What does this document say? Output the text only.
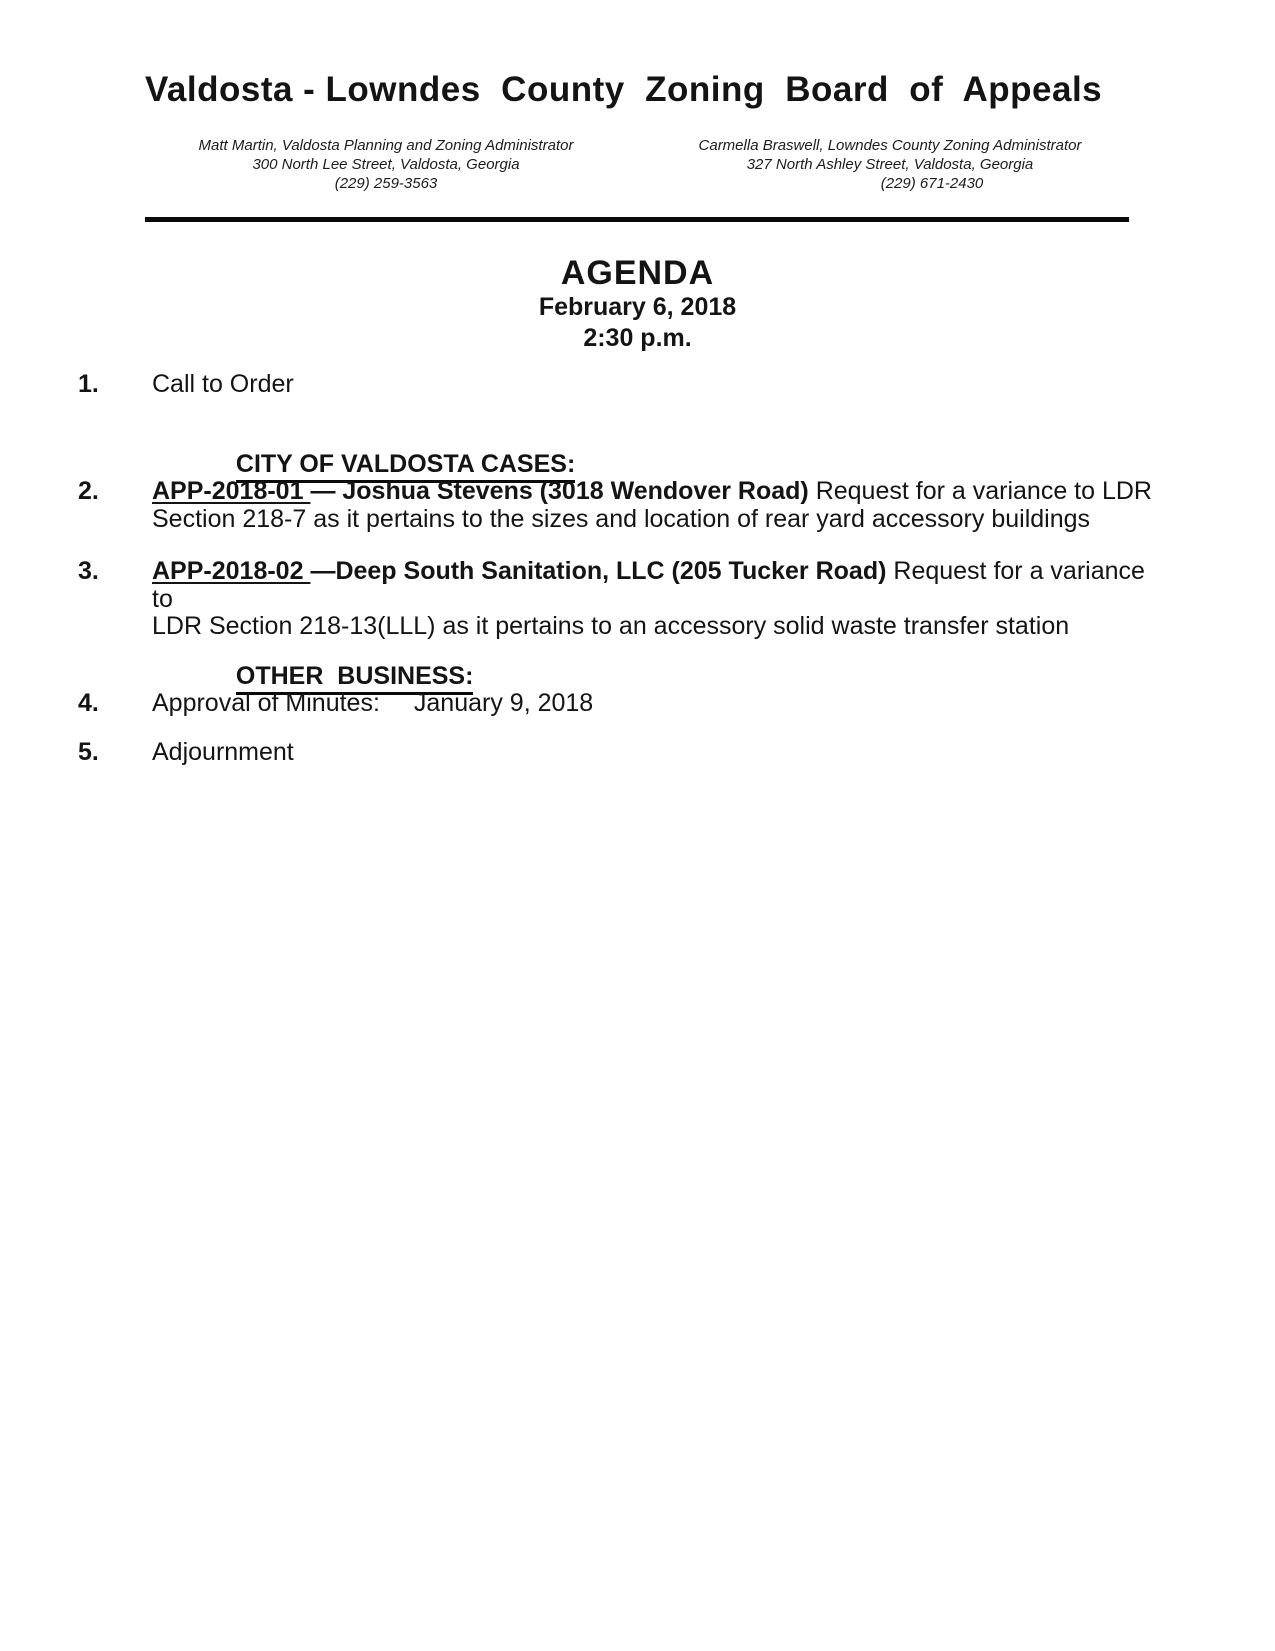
Valdosta - Lowndes  County  Zoning  Board  of  Appeals
Matt Martin, Valdosta Planning and Zoning Administrator
300 North Lee Street, Valdosta, Georgia
(229) 259-3563
Carmella Braswell, Lowndes County Zoning Administrator
327 North Ashley Street, Valdosta, Georgia
(229) 671-2430
AGENDA
February 6, 2018
2:30 p.m.
1. Call to Order

CITY OF VALDOSTA CASES:

2. APP-2018-01 — Joshua Stevens (3018 Wendover Road) Request for a variance to LDR
Section 218-7 as it pertains to the sizes and location of rear yard accessory buildings
3. APP-2018-02 —Deep South Sanitation, LLC (205 Tucker Road) Request for a variance to
LDR Section 218-13(LLL) as it pertains to an accessory solid waste transfer station

OTHER  BUSINESS:

4. Approval of Minutes: January 9, 2018
5. Adjournment
